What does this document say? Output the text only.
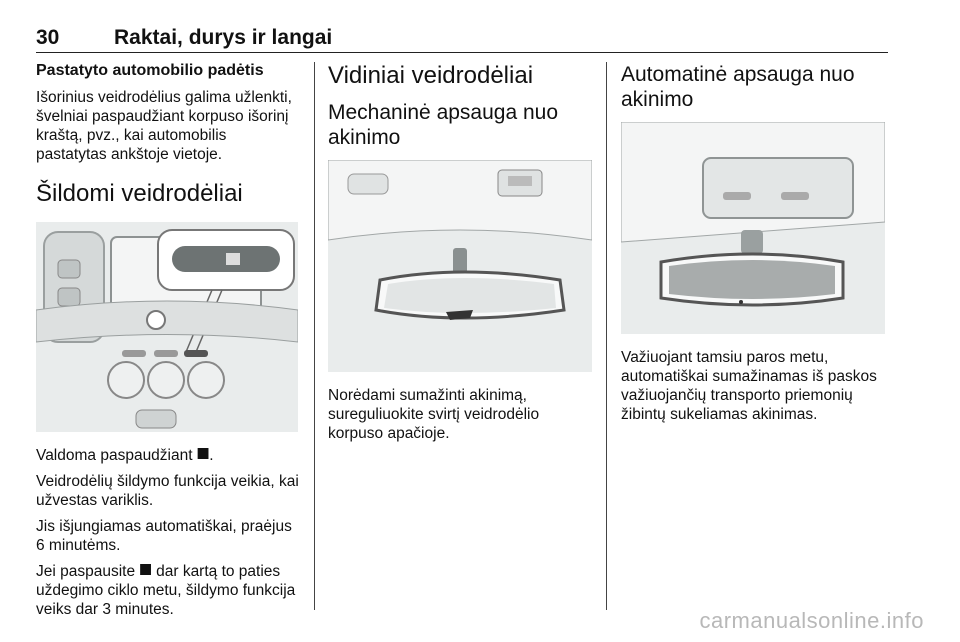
30	Raktai, durys ir langai
Pastatyto automobilio padėtis

Išorinius veidrodėlius galima užlenkti, švelniai paspaudžiant korpuso išorinį kraštą, pvz., kai automobilis pastatytas ankštoje vietoje.

Šildomi veidrodėliai

Valdoma paspaudžiant ⯀.

Veidrodėlių šildymo funkcija veikia, kai užvestas variklis.

Jis išjungiamas automatiškai, praėjus 6 minutėms.

Jei paspausite ⯀ dar kartą to paties uždegimo ciklo metu, šildymo funkcija veiks dar 3 minutes.

Vidiniai veidrodėliai
Mechaninė apsauga nuo akinimo

Norėdami sumažinti akinimą, sureguliuokite svirtį veidrodėlio korpuso apačioje.

Automatinė apsauga nuo akinimo

Važiuojant tamsiu paros metu, automatiškai sumažinamas iš paskos važiuojančių transporto priemonių žibintų sukeliamas akinimas.

carmanualsonline.info
